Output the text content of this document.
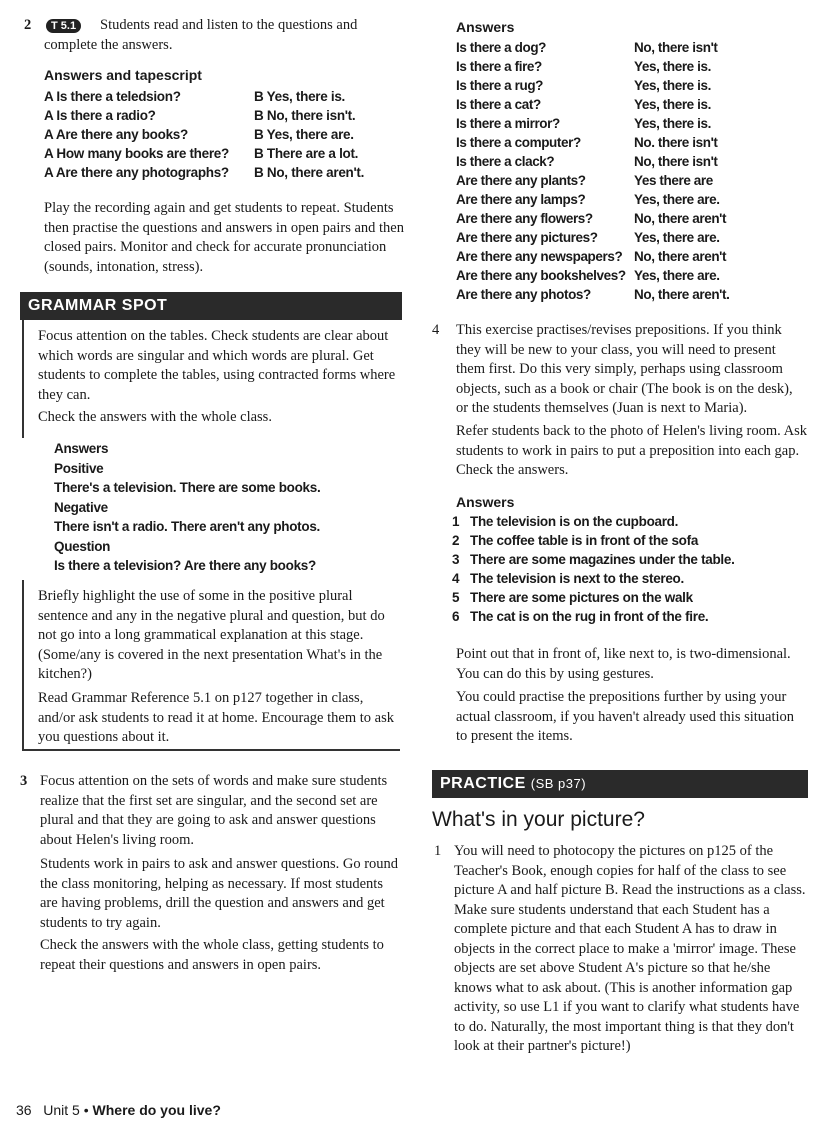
2	T 5.1	Students read and listen to the questions and complete the answers.

Answers and tapescript
A Is there a teledsion?	B Yes, there is.
A Is there a radio?	B No, there isn't.
A Are there any books?	B Yes, there are.
A How many books are there? B There are a lot.
A Are there any photographs? B No, there aren't.

Play the recording again and get students to repeat. Students then practise the questions and answers in open pairs and then closed pairs. Monitor and check for accurate pronunciation (sounds, intonation, stress).

GRAMMAR SPOT

Focus attention on the tables. Check students are clear about which words are singular and which words are plural. Get students to complete the tables, using contracted forms where they can.

Check the answers with the whole class.

Answers
Positive
There's a television. There are some books.
Negative
There isn't a radio. There aren't any photos.
Question
Is there a television? Are there any books?

Briefly highlight the use of some in the positive plural sentence and any in the negative plural and question, but do not go into a long grammatical explanation at this stage. (Some/any is covered in the next presentation What's in the kitchen?)

Read Grammar Reference 5.1 on p127 together in class, and/or ask students to read it at home. Encourage them to ask you questions about it.

3 Focus attention on the sets of words and make sure students realize that the first set are singular, and the second set are plural and that they are going to ask and answer questions about Helen's living room.

Students work in pairs to ask and answer questions. Go round the class monitoring, helping as necessary. If most students are having problems, drill the question and answers and get students to try again.

Check the answers with the whole class, getting students to repeat their questions and answers in open pairs.

Answers
Is there a dog?	No, there isn't
Is there a fire?	Yes, there is.
Is there a rug?	Yes, there is.
Is there a cat?	Yes, there is.
Is there a mirror?	Yes, there is.
Is there a computer?	No. there isn't
Is there a clack?	No, there isn't
Are there any plants?	Yes there are
Are there any lamps?	Yes, there are.
Are there any flowers?	No, there aren't
Are there any pictures?	Yes, there are.
Are there any newspapers? No, there aren't
Are there any bookshelves? Yes, there are.
Are there any photos?	No, there aren't.
4 This exercise practises/revises prepositions. If you think they will be new to your class, you will need to present them first. Do this very simply, perhaps using classroom objects, such as a book or chair (The book is on the desk), or the students themselves (Juan is next to Maria).

Refer students back to the photo of Helen's living room. Ask students to work in pairs to put a preposition into each gap. Check the answers.

Answers
1 The television is on the cupboard.
2 The coffee table is in front of the sofa
3 There are some magazines under the table.
4 The television is next to the stereo.
5 There are some pictures on the walk
6 The cat is on the rug in front of the fire.

Point out that in front of, like next to, is two-dimensional. You can do this by using gestures.

You could practise the prepositions further by using your actual classroom, if you haven't already used this situation to present the items.

PRACTICE (SB p37)
What's in your picture?
1 You will need to photocopy the pictures on p125 of the Teacher's Book, enough copies for half of the class to see picture A and half picture B. Read the instructions as a class. Make sure students understand that each Student has a complete picture and that each Student A has to draw in objects in the correct place to make a 'mirror' image. These objects are set above Student A's picture so that he/she knows what to ask about. (This is another information gap activity, so use L1 if you want to clarify what students have to do. Naturally, the most important thing is that they don't look at their partner's picture!)

36 Unit 5 • Where do you live?
